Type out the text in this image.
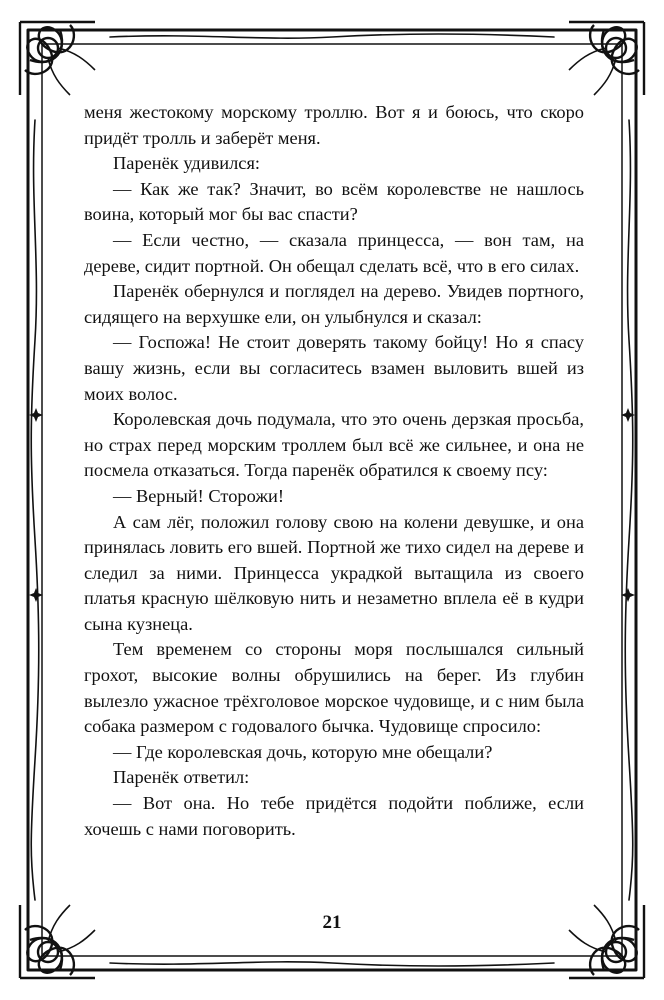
меня жестокому морскому троллю. Вот я и боюсь, что скоро придёт тролль и заберёт меня.

Паренёк удивился:

— Как же так? Значит, во всём королевстве не нашлось воина, который мог бы вас спасти?

— Если честно, — сказала принцесса, — вон там, на дереве, сидит портной. Он обещал сделать всё, что в его силах.

Паренёк обернулся и поглядел на дерево. Увидев портного, сидящего на верхушке ели, он улыбнулся и сказал:

— Госпожа! Не стоит доверять такому бойцу! Но я спасу вашу жизнь, если вы согласитесь взамен выловить вшей из моих волос.

Королевская дочь подумала, что это очень дерзкая просьба, но страх перед морским троллем был всё же сильнее, и она не посмела отказаться. Тогда паренёк обратился к своему псу:

— Верный! Сторожи!

А сам лёг, положил голову свою на колени девушке, и она принялась ловить его вшей. Портной же тихо сидел на дереве и следил за ними. Принцесса украдкой вытащила из своего платья красную шёлковую нить и незаметно вплела её в кудри сына кузнеца.

Тем временем со стороны моря послышался сильный грохот, высокие волны обрушились на берег. Из глубин вылезло ужасное трёхголовое морское чудовище, и с ним была собака размером с годовалого бычка. Чудовище спросило:

— Где королевская дочь, которую мне обещали?

Паренёк ответил:

— Вот она. Но тебе придётся подойти поближе, если хочешь с нами поговорить.

21
